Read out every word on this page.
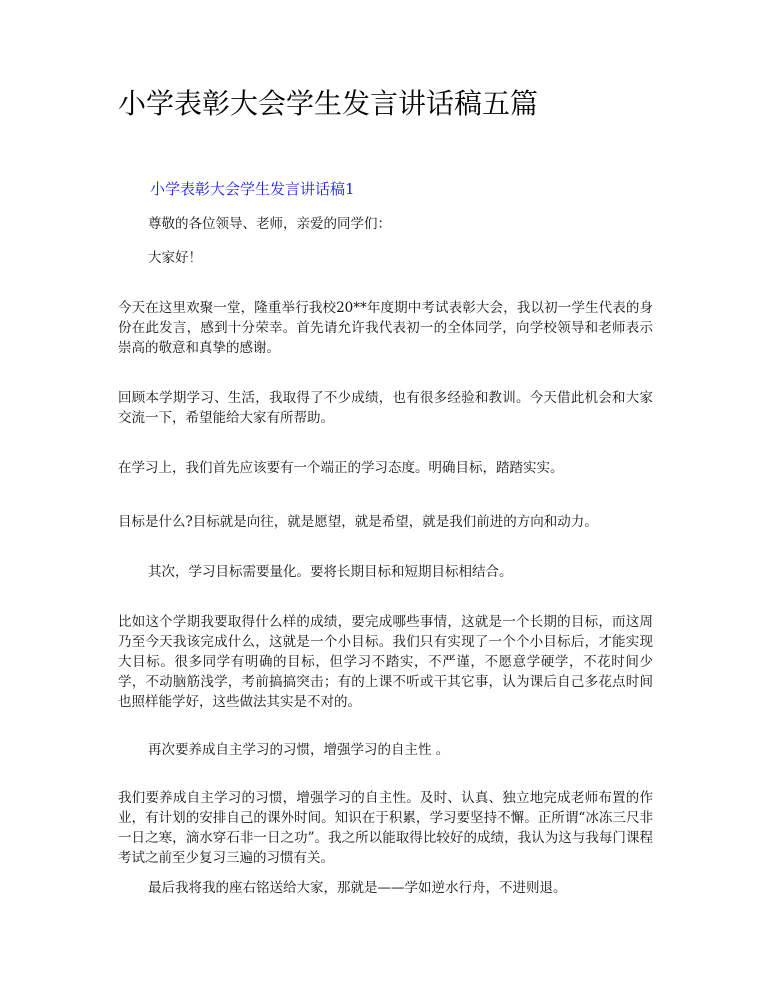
小学表彰大会学生发言讲话稿五篇
小学表彰大会学生发言讲话稿1

尊敬的各位领导、老师，亲爱的同学们：

大家好！

今天在这里欢聚一堂，隆重举行我校20**年度期中考试表彰大会，我以初一学生代表的身份在此发言，感到十分荣幸。首先请允许我代表初一的全体同学，向学校领导和老师表示崇高的敬意和真挚的感谢。

回顾本学期学习、生活，我取得了不少成绩，也有很多经验和教训。今天借此机会和大家交流一下，希望能给大家有所帮助。

在学习上，我们首先应该要有一个端正的学习态度。明确目标，踏踏实实。

目标是什么?目标就是向往，就是愿望，就是希望，就是我们前进的方向和动力。

其次，学习目标需要量化。要将长期目标和短期目标相结合。

比如这个学期我要取得什么样的成绩，要完成哪些事情，这就是一个长期的目标，而这周乃至今天我该完成什么，这就是一个小目标。我们只有实现了一个个小目标后，才能实现大目标。很多同学有明确的目标，但学习不踏实，不严谨，不愿意学硬学，不花时间少学，不动脑筋浅学，考前搞搞突击；有的上课不听或干其它事，认为课后自己多花点时间也照样能学好，这些做法其实是不对的。

再次要养成自主学习的习惯，增强学习的自主性 。

我们要养成自主学习的习惯，增强学习的自主性。及时、认真、独立地完成老师布置的作业，有计划的安排自己的课外时间。知识在于积累，学习要坚持不懈。正所谓“冰冻三尺非一日之寒，滴水穿石非一日之功”。我之所以能取得比较好的成绩，我认为这与我每门课程考试之前至少复习三遍的习惯有关。

最后我将我的座右铭送给大家，那就是——学如逆水行舟，不进则退。
